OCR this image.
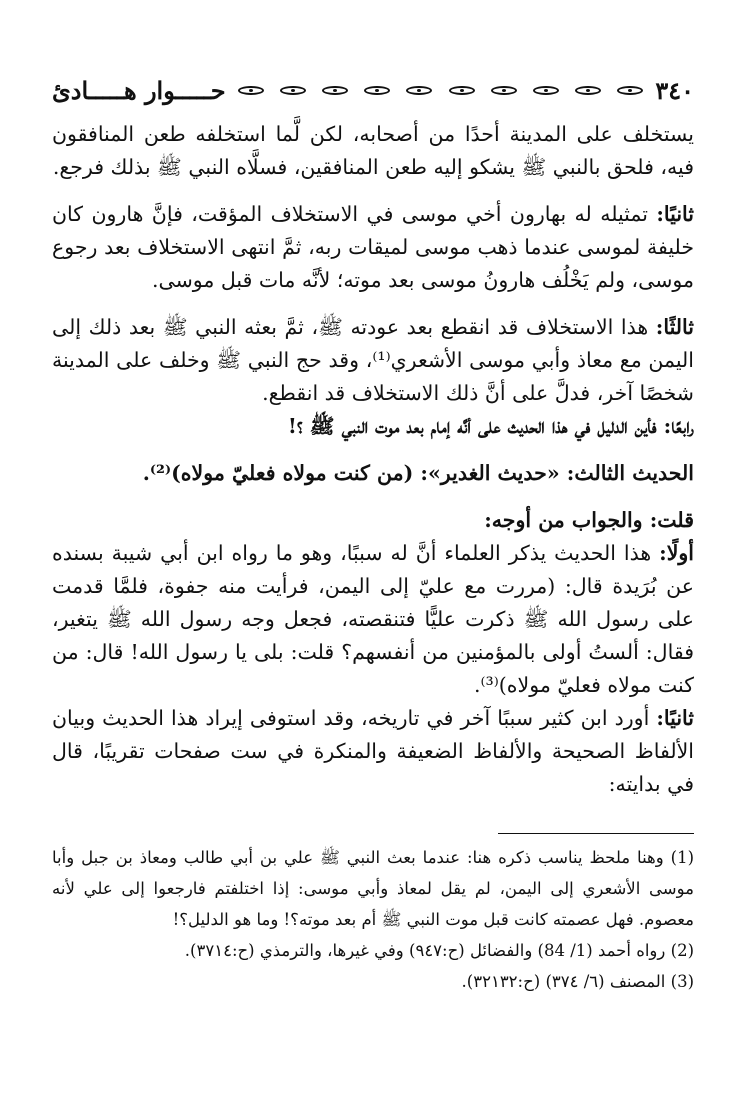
٣٤٠
حـــــوار هـــــادئ

يستخلف على المدينة أحدًا من أصحابه، لكن لَّما استخلفه طعن المنافقون فيه، فلحق بالنبي ﷺ يشكو إليه طعن المنافقين، فسلَّاه النبي ﷺ بذلك فرجع.

ثانيًا: تمثيله له بهارون أخي موسى في الاستخلاف المؤقت، فإنَّ هارون كان خليفة لموسى عندما ذهب موسى لميقات ربه، ثمَّ انتهى الاستخلاف بعد رجوع موسى، ولم يَخْلُف هارونُ موسى بعد موته؛ لأنَّه مات قبل موسى.

ثالثًا: هذا الاستخلاف قد انقطع بعد عودته ﷺ، ثمَّ بعثه النبي ﷺ بعد ذلك إلى اليمن مع معاذ وأبي موسى الأشعري⁽¹⁾، وقد حج النبي ﷺ وخلف على المدينة شخصًا آخر، فدلَّ على أنَّ ذلك الاستخلاف قد انقطع.

رابعًا: فأين الدليل في هذا الحديث على أنَّه إمام بعد موت النبي ﷺ ؟!

الحديث الثالث: «حديث الغدير»: (من كنت مولاه فعليّ مولاه)⁽²⁾.

قلت: والجواب من أوجه:

أولًا: هذا الحديث يذكر العلماء أنَّ له سببًا، وهو ما رواه ابن أبي شيبة بسنده عن بُرَيدة قال: (مررت مع عليّ إلى اليمن، فرأيت منه جفوة، فلمَّا قدمت على رسول الله ﷺ ذكرت عليًّا فتنقصته، فجعل وجه رسول الله ﷺ يتغير، فقال: ألستُ أولى بالمؤمنين من أنفسهم؟ قلت: بلى يا رسول الله! قال: من كنت مولاه فعليّ مولاه)⁽³⁾.

ثانيًا: أورد ابن كثير سببًا آخر في تاريخه، وقد استوفى إيراد هذا الحديث وبيان الألفاظ الصحيحة والألفاظ الضعيفة والمنكرة في ست صفحات تقريبًا، قال في بدايته:

(1) وهنا ملحظ يناسب ذكره هنا: عندما بعث النبي ﷺ علي بن أبي طالب ومعاذ بن جبل وأبا موسى الأشعري إلى اليمن، لم يقل لمعاذ وأبي موسى: إذا اختلفتم فارجعوا إلى علي لأنه معصوم. فهل عصمته كانت قبل موت النبي ﷺ أم بعد موته؟! وما هو الدليل؟!

(2) رواه أحمد (1/ 84) والفضائل (ح:٩٤٧) وفي غيرها، والترمذي (ح:٣٧١٤).

(3) المصنف (٦/ ٣٧٤) (ح:٣٢١٣٢).
